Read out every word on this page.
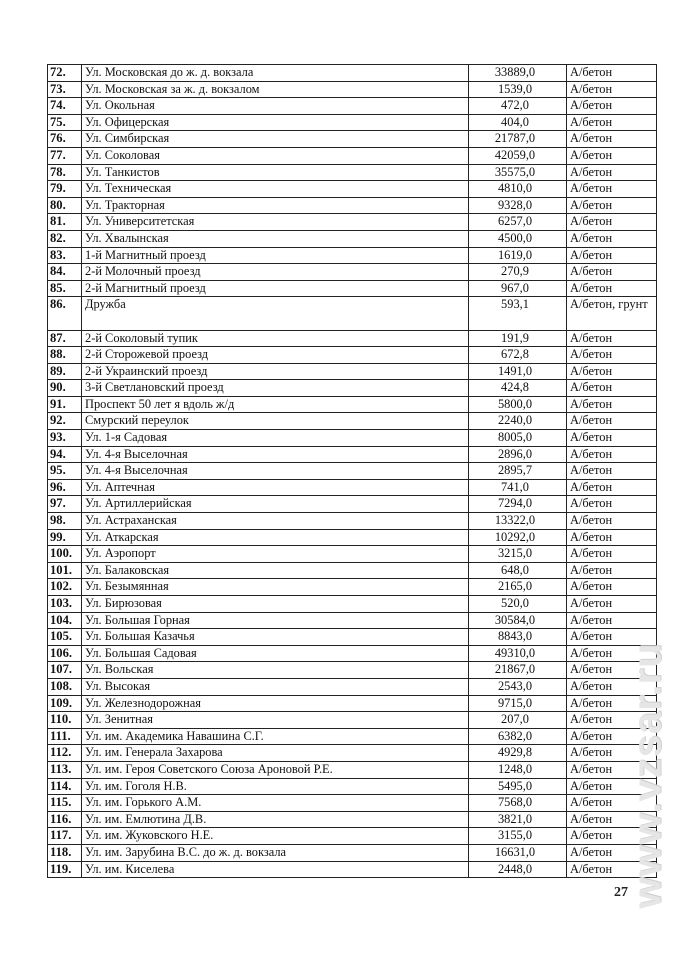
72.	Ул. Московская до ж. д. вокзала	33889,0	А/бетон
73.	Ул. Московская за ж. д. вокзалом	1539,0	А/бетон
74.	Ул. Окольная	472,0	А/бетон
75.	Ул. Офицерская	404,0	А/бетон
76.	Ул. Симбирская	21787,0	А/бетон
77.	Ул. Соколовая	42059,0	А/бетон
78.	Ул. Танкистов	35575,0	А/бетон
79.	Ул. Техническая	4810,0	А/бетон
80.	Ул. Тракторная	9328,0	А/бетон
81.	Ул. Университетская	6257,0	А/бетон
82.	Ул. Хвалынская	4500,0	А/бетон
83.	1-й Магнитный проезд	1619,0	А/бетон
84.	2-й Молочный проезд	270,9	А/бетон
85.	2-й Магнитный проезд	967,0	А/бетон
86.	Дружба	593,1	А/бетон, грунт
87.	2-й Соколовый тупик	191,9	А/бетон
88.	2-й Сторожевой проезд	672,8	А/бетон
89.	2-й Украинский проезд	1491,0	А/бетон
90.	3-й Светлановский проезд	424,8	А/бетон
91.	Проспект 50 лет я вдоль ж/д	5800,0	А/бетон
92.	Смурский переулок	2240,0	А/бетон
93.	Ул. 1-я Садовая	8005,0	А/бетон
94.	Ул. 4-я Выселочная	2896,0	А/бетон
95.	Ул. 4-я Выселочная	2895,7	А/бетон
96.	Ул. Аптечная	741,0	А/бетон
97.	Ул. Артиллерийская	7294,0	А/бетон
98.	Ул. Астраханская	13322,0	А/бетон
99.	Ул. Аткарская	10292,0	А/бетон
100.	Ул. Аэропорт	3215,0	А/бетон
101.	Ул. Балаковская	648,0	А/бетон
102.	Ул. Безымянная	2165,0	А/бетон
103.	Ул. Бирюзовая	520,0	А/бетон
104.	Ул. Большая Горная	30584,0	А/бетон
105.	Ул. Большая Казачья	8843,0	А/бетон
106.	Ул. Большая Садовая	49310,0	А/бетон
107.	Ул. Вольская	21867,0	А/бетон
108.	Ул. Высокая	2543,0	А/бетон
109.	Ул. Железнодорожная	9715,0	А/бетон
110.	Ул. Зенитная	207,0	А/бетон
111.	Ул. им. Академика Навашина С.Г.	6382,0	А/бетон
112.	Ул. им. Генерала Захарова	4929,8	А/бетон
113.	Ул. им. Героя Советского Союза Ароновой Р.Е.	1248,0	А/бетон
114.	Ул. им. Гоголя Н.В.	5495,0	А/бетон
115.	Ул. им. Горького А.М.	7568,0	А/бетон
116.	Ул. им. Емлютина Д.В.	3821,0	А/бетон
117.	Ул. им. Жуковского Н.Е.	3155,0	А/бетон
118.	Ул. им. Зарубина В.С. до ж. д. вокзала	16631,0	А/бетон
119.	Ул. им. Киселева	2448,0	А/бетон
27
www.vzsar.ru
